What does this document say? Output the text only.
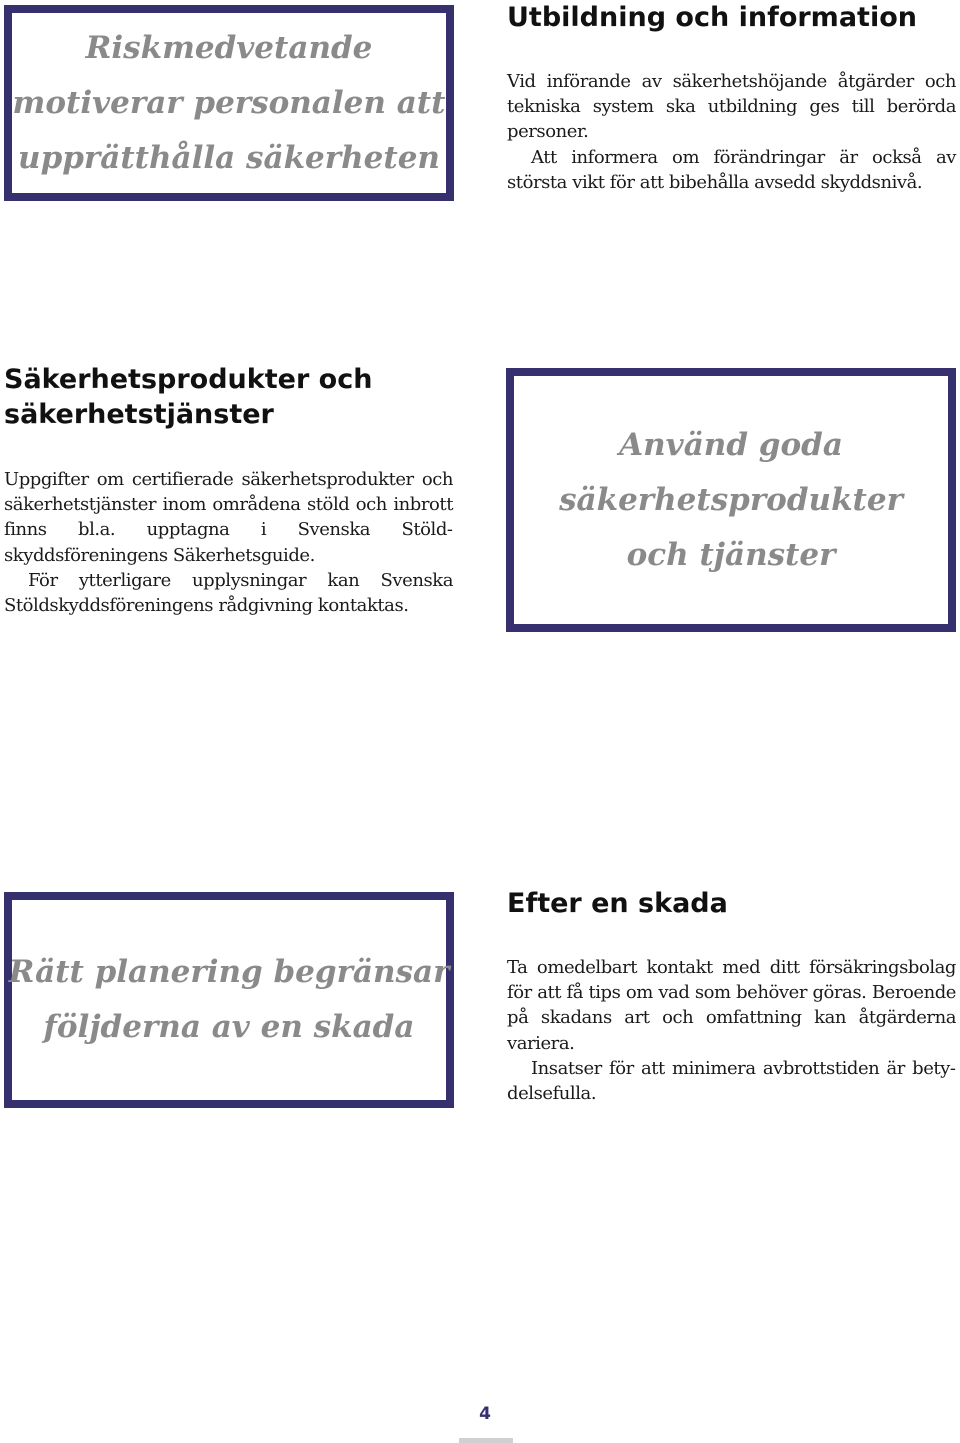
Riskmedvetande
motiverar personalen att
upprätthålla säkerheten
Utbildning och information

Vid införande av säkerhetshöjande åtgärder och tekniska system ska utbildning ges till berörda personer.

Att informera om förändringar är också av största vikt för att bibehålla avsedd skyddsnivå.

Säkerhetsprodukter och
säkerhetstjänster

Uppgifter om certifierade säkerhetsprodukter och säkerhetstjänster inom områdena stöld och inbrott finns bl.a. upptagna i Svenska Stöldskyddsföreningens Säkerhetsguide.

För ytterligare upplysningar kan Svenska Stöldskyddsföreningens rådgivning kontaktas.

Använd goda
säkerhetsprodukter
och tjänster
Rätt planering begränsar
följderna av en skada
Efter en skada

Ta omedelbart kontakt med ditt försäkringsbolag för att få tips om vad som behöver göras. Beroende på skadans art och omfattning kan åtgärderna variera.

Insatser för att minimera avbrottstiden är betydelsefulla.

4
